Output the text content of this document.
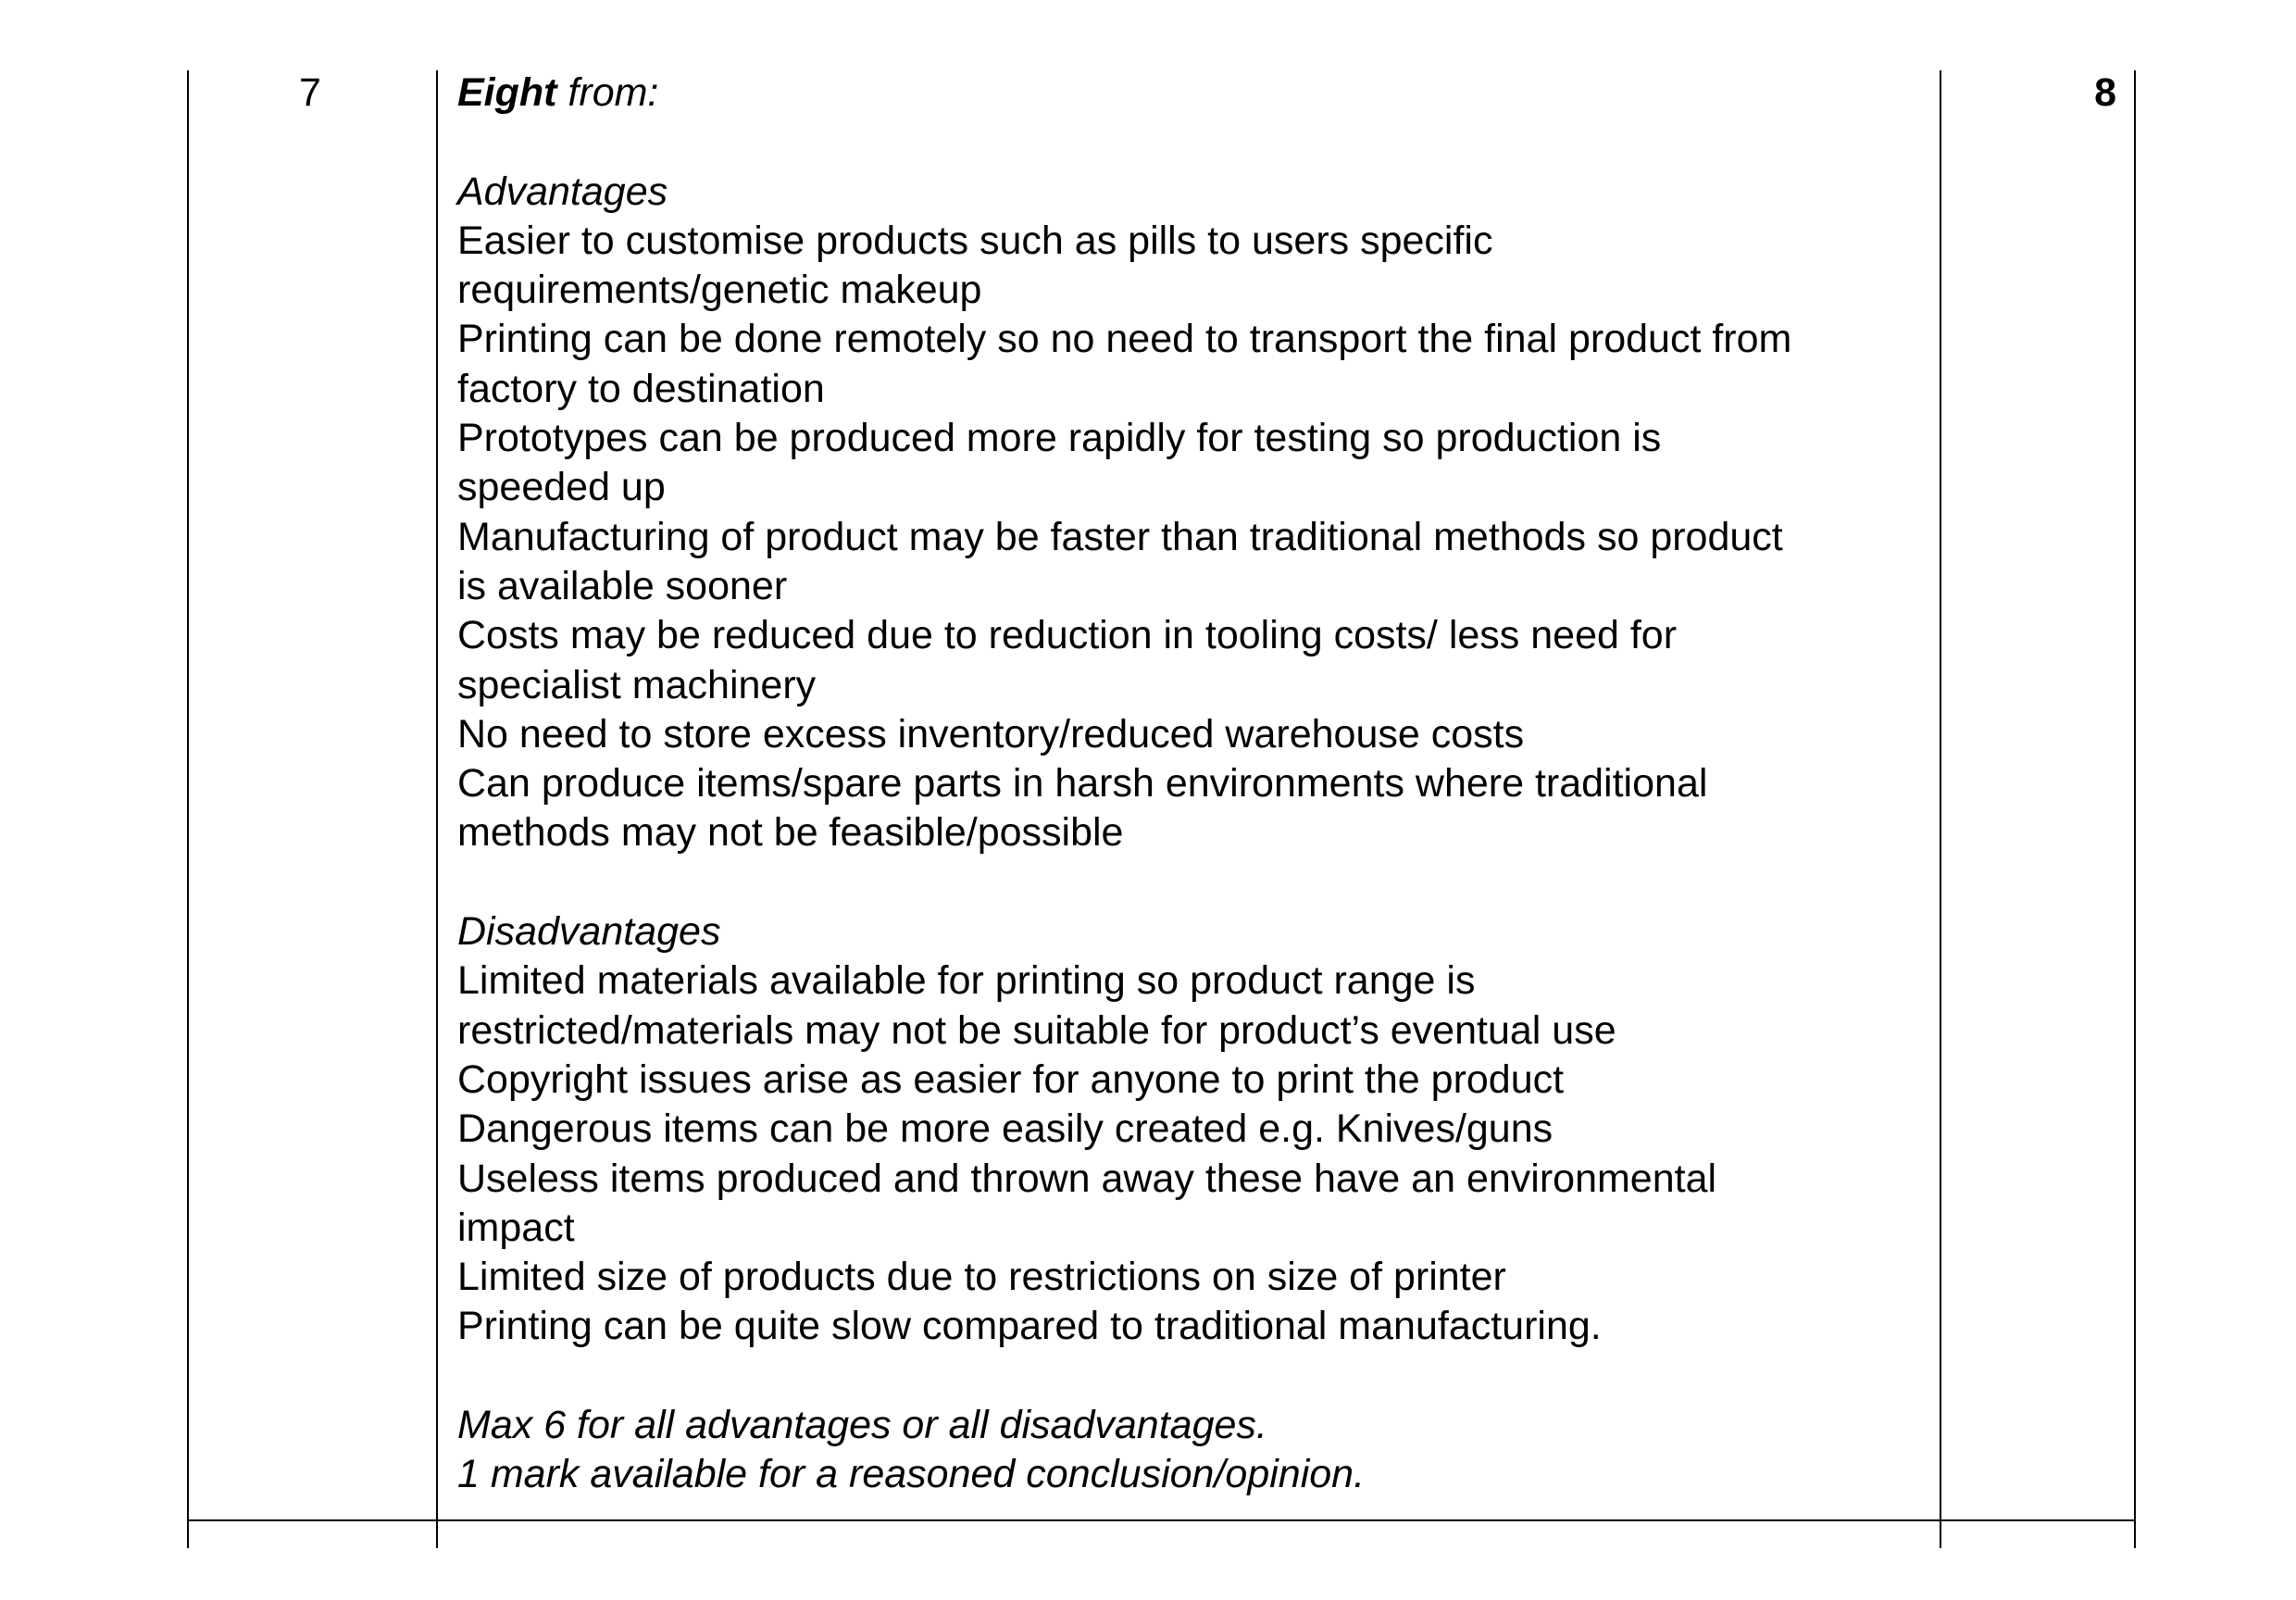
7	8
Eight from:
Advantages
Easier to customise products such as pills to users specific
requirements/genetic makeup
Printing can be done remotely so no need to transport the final product from
factory to destination
Prototypes can be produced more rapidly for testing so production is
speeded up
Manufacturing of product may be faster than traditional methods so product
is available sooner
Costs may be reduced due to reduction in tooling costs/ less need for
specialist machinery
No need to store excess inventory/reduced warehouse costs
Can produce items/spare parts in harsh environments where traditional
methods may not be feasible/possible
Disadvantages
Limited materials available for printing so product range is
restricted/materials may not be suitable for product’s eventual use
Copyright issues arise as easier for anyone to print the product
Dangerous items can be more easily created e.g. Knives/guns
Useless items produced and thrown away these have an environmental
impact
Limited size of products due to restrictions on size of printer
Printing can be quite slow compared to traditional manufacturing.
Max 6 for all advantages or all disadvantages.
1 mark available for a reasoned conclusion/opinion.
